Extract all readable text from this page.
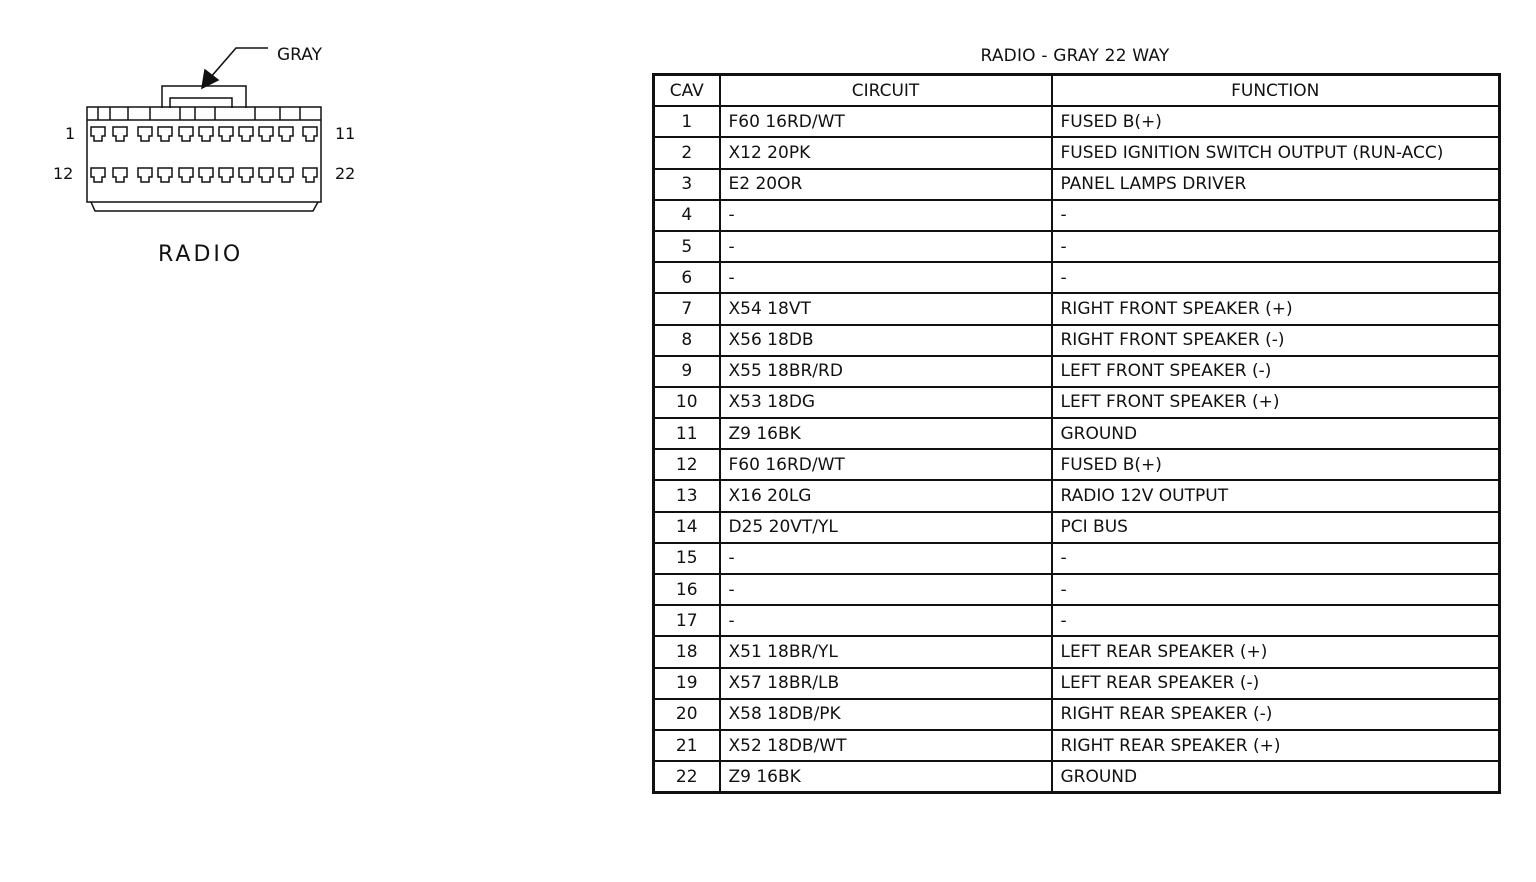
GRAY
1	11
12	22
RADIO
RADIO - GRAY 22 WAY
CAV	CIRCUIT	FUNCTION
1	F60 16RD/WT	FUSED B(+)
2	X12 20PK	FUSED IGNITION SWITCH OUTPUT (RUN-ACC)
3	E2 20OR	PANEL LAMPS DRIVER
4	-	-
5	-	-
6	-	-
7	X54 18VT	RIGHT FRONT SPEAKER (+)
8	X56 18DB	RIGHT FRONT SPEAKER (-)
9	X55 18BR/RD	LEFT FRONT SPEAKER (-)
10	X53 18DG	LEFT FRONT SPEAKER (+)
11	Z9 16BK	GROUND
12	F60 16RD/WT	FUSED B(+)
13	X16 20LG	RADIO 12V OUTPUT
14	D25 20VT/YL	PCI BUS
15	-	-
16	-	-
17	-	-
18	X51 18BR/YL	LEFT REAR SPEAKER (+)
19	X57 18BR/LB	LEFT REAR SPEAKER (-)
20	X58 18DB/PK	RIGHT REAR SPEAKER (-)
21	X52 18DB/WT	RIGHT REAR SPEAKER (+)
22	Z9 16BK	GROUND
